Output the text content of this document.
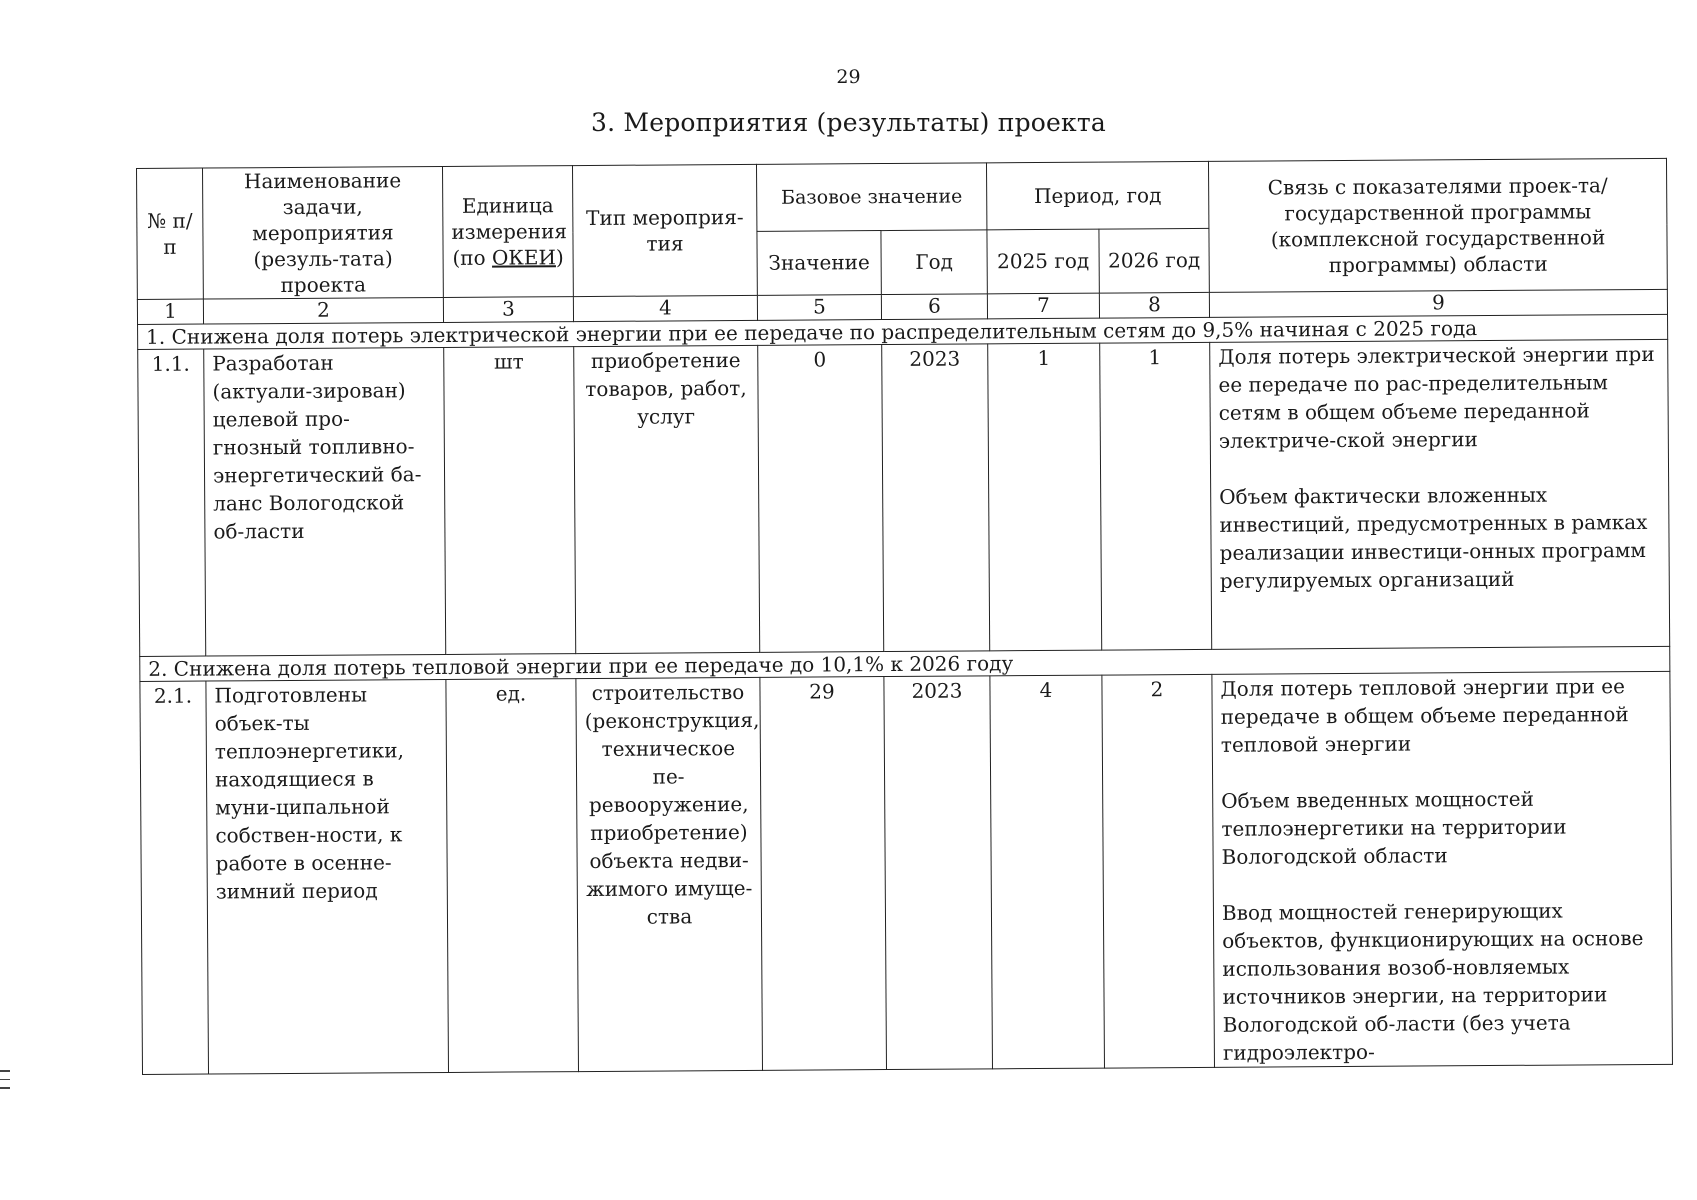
29
3. Мероприятия (результаты) проекта
№ п/п	Наименование задачи, мероприятия (резуль-тата) проекта	Единица измерения (по ОКЕИ)	Тип мероприя-тия	Базовое значение		Период, год		Связь с показателями проек-та/государственной программы (комплексной государственной программы) области
				Значение	Год	2025 год	2026 год	
1	2	3	4	5	6	7	8	9
1. Снижена доля потерь электрической энергии при ее передаче по распределительным сетям до 9,5% начиная с 2025 года								
1.1.	Разработан (актуали-зирован) целевой про-гнозный топливно-энергетический ба-ланс Вологодской об-ласти	шт	приобретение товаров, работ, услуг	0	2023	1	1	Доля потерь электрической энергии при ее передаче по рас-пределительным сетям в общем объеме переданной электриче-ской энергии

Объем фактически вложенных инвестиций, предусмотренных в рамках реализации инвестици-онных программ регулируемых организаций

2. Снижена доля потерь тепловой энергии при ее передаче до 10,1% к 2026 году								
2.1.	Подготовлены объек-ты теплоэнергетики, находящиеся в муни-ципальной собствен-ности, к работе в осенне-зимний период	ед.	строительство (реконструкция, техническое пе-ревооружение, приобретение) объекта недви-жимого имуще-ства	29	2023	4	2	Доля потерь тепловой энергии при ее передаче в общем объеме переданной тепловой энергии

Объем введенных мощностей теплоэнергетики на территории Вологодской области

Ввод мощностей генерирующих объектов, функционирующих на основе использования возоб-новляемых источников энергии, на территории Вологодской об-ласти (без учета гидроэлектро-
